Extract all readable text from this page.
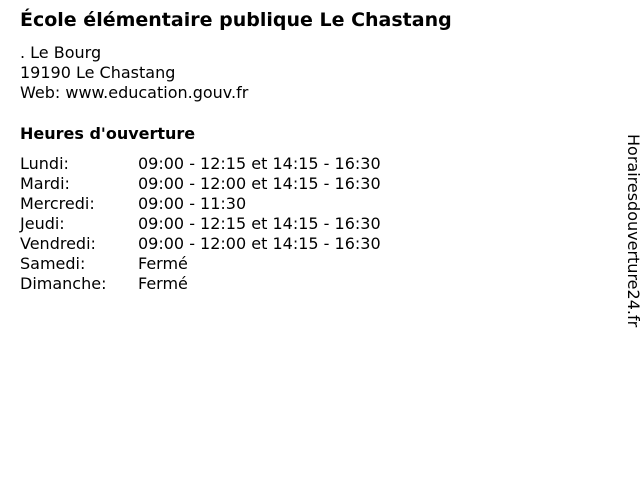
École élémentaire publique Le Chastang
. Le Bourg
19190 Le Chastang
Web: www.education.gouv.fr
Heures d'ouverture
Lundi:	09:00 - 12:15 et 14:15 - 16:30
Mardi:	09:00 - 12:00 et 14:15 - 16:30
Mercredi:	09:00 - 11:30
Jeudi:	09:00 - 12:15 et 14:15 - 16:30
Vendredi:	09:00 - 12:00 et 14:15 - 16:30
Samedi:	Fermé
Dimanche: Fermé	Horairesdouverture24.fr
